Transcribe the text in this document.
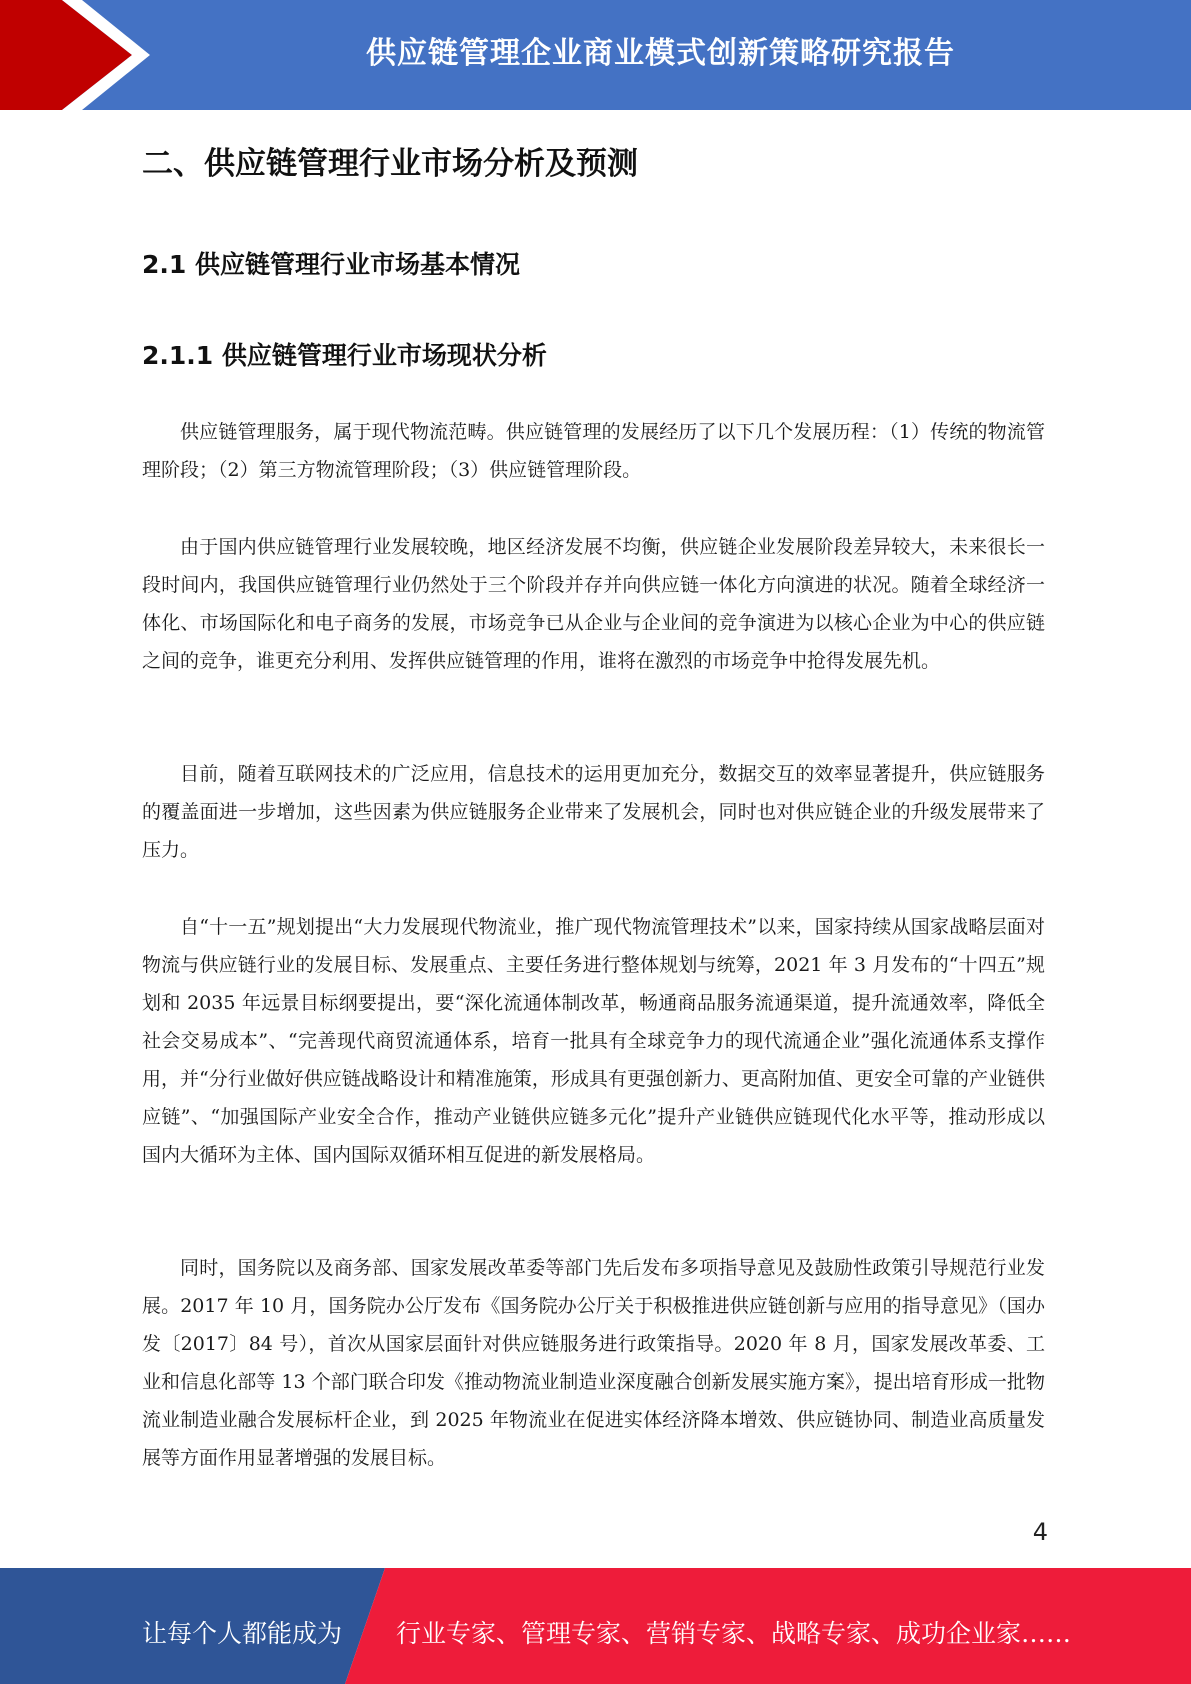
供应链管理企业商业模式创新策略研究报告
二、供应链管理行业市场分析及预测
2.1 供应链管理行业市场基本情况
2.1.1 供应链管理行业市场现状分析

供应链管理服务，属于现代物流范畴。供应链管理的发展经历了以下几个发展历程：（1）传统的物流管理阶段；（2）第三方物流管理阶段；（3）供应链管理阶段。

由于国内供应链管理行业发展较晚，地区经济发展不均衡，供应链企业发展阶段差异较大，未来很长一段时间内，我国供应链管理行业仍然处于三个阶段并存并向供应链一体化方向演进的状况。随着全球经济一体化、市场国际化和电子商务的发展，市场竞争已从企业与企业间的竞争演进为以核心企业为中心的供应链之间的竞争，谁更充分利用、发挥供应链管理的作用，谁将在激烈的市场竞争中抢得发展先机。

目前，随着互联网技术的广泛应用，信息技术的运用更加充分，数据交互的效率显著提升，供应链服务的覆盖面进一步增加，这些因素为供应链服务企业带来了发展机会，同时也对供应链企业的升级发展带来了压力。

自“十一五”规划提出“大力发展现代物流业，推广现代物流管理技术”以来，国家持续从国家战略层面对物流与供应链行业的发展目标、发展重点、主要任务进行整体规划与统筹，2021 年 3 月发布的“十四五”规划和 2035 年远景目标纲要提出，要“深化流通体制改革，畅通商品服务流通渠道，提升流通效率，降低全社会交易成本”、“完善现代商贸流通体系，培育一批具有全球竞争力的现代流通企业”强化流通体系支撑作用，并“分行业做好供应链战略设计和精准施策，形成具有更强创新力、更高附加值、更安全可靠的产业链供应链”、“加强国际产业安全合作，推动产业链供应链多元化”提升产业链供应链现代化水平等，推动形成以国内大循环为主体、国内国际双循环相互促进的新发展格局。

同时，国务院以及商务部、国家发展改革委等部门先后发布多项指导意见及鼓励性政策引导规范行业发展。2017 年 10 月，国务院办公厅发布《国务院办公厅关于积极推进供应链创新与应用的指导意见》（国办发〔2017〕84 号），首次从国家层面针对供应链服务进行政策指导。2020 年 8 月，国家发展改革委、工业和信息化部等 13 个部门联合印发《推动物流业制造业深度融合创新发展实施方案》，提出培育形成一批物流业制造业融合发展标杆企业，到 2025 年物流业在促进实体经济降本增效、供应链协同、制造业高质量发展等方面作用显著增强的发展目标。

4
让每个人都能成为 行业专家、管理专家、营销专家、战略专家、成功企业家……
